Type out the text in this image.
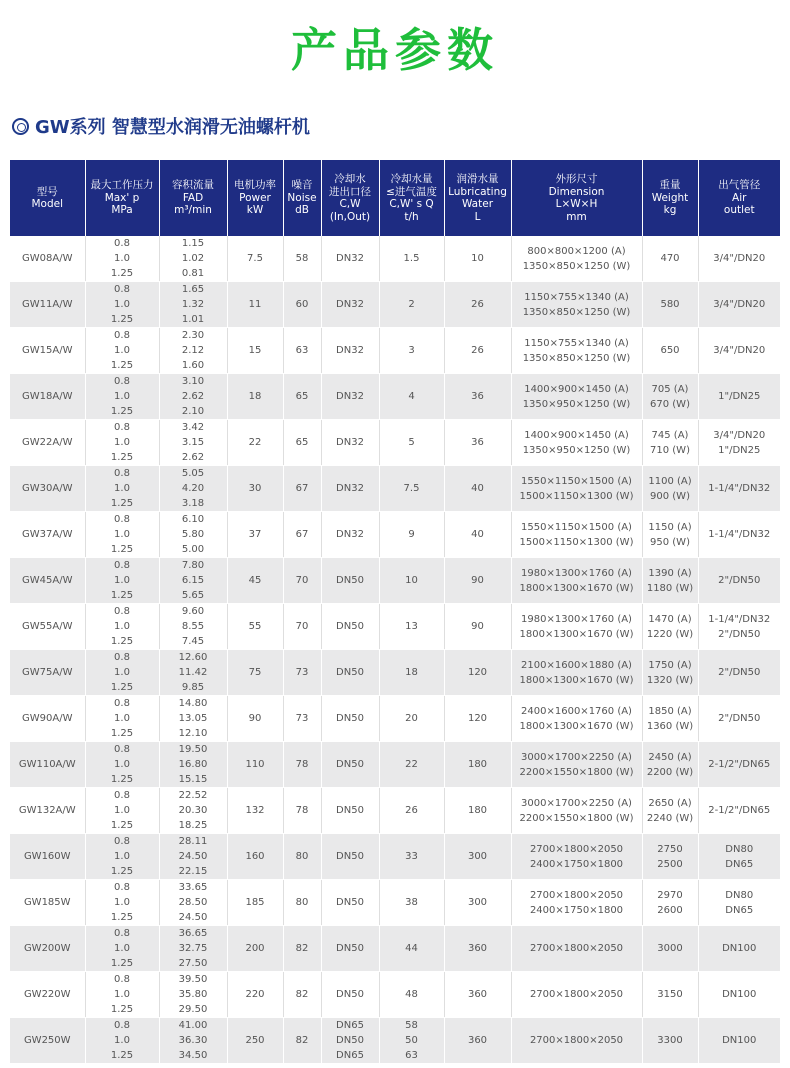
产品参数
GW系列 智慧型水润滑无油螺杆机
型号
Model	最大工作压力
Max' p
MPa	容积流量
FAD
m³/min	电机功率
Power
kW	噪音
Noise
dB	冷却水
进出口径
C,W
(In,Out)	冷却水量
≤进气温度
C,W' s Q
t/h	润滑水量
Lubricating
Water
L	外形尺寸
Dimension
L×W×H
mm	重量
Weight
kg	出气管径
Air
outlet
GW08A/W	0.8
1.0
1.25	1.15
1.02
0.81	7.5	58	DN32	1.5	10	800×800×1200 (A)
1350×850×1250 (W)	470	3/4"/DN20
GW11A/W	0.8
1.0
1.25	1.65
1.32
1.01	11	60	DN32	2	26	1150×755×1340 (A)
1350×850×1250 (W)	580	3/4"/DN20
GW15A/W	0.8
1.0
1.25	2.30
2.12
1.60	15	63	DN32	3	26	1150×755×1340 (A)
1350×850×1250 (W)	650	3/4"/DN20
GW18A/W	0.8
1.0
1.25	3.10
2.62
2.10	18	65	DN32	4	36	1400×900×1450 (A)
1350×950×1250 (W)	705 (A)
670 (W)	1"/DN25
GW22A/W	0.8
1.0
1.25	3.42
3.15
2.62	22	65	DN32	5	36	1400×900×1450 (A)
1350×950×1250 (W)	745 (A)
710 (W)	3/4"/DN20
1"/DN25
GW30A/W	0.8
1.0
1.25	5.05
4.20
3.18	30	67	DN32	7.5	40	1550×1150×1500 (A)
1500×1150×1300 (W)	1100 (A)
900 (W)	1-1/4"/DN32
GW37A/W	0.8
1.0
1.25	6.10
5.80
5.00	37	67	DN32	9	40	1550×1150×1500 (A)
1500×1150×1300 (W)	1150 (A)
950 (W)	1-1/4"/DN32
GW45A/W	0.8
1.0
1.25	7.80
6.15
5.65	45	70	DN50	10	90	1980×1300×1760 (A)
1800×1300×1670 (W)	1390 (A)
1180 (W)	2"/DN50
GW55A/W	0.8
1.0
1.25	9.60
8.55
7.45	55	70	DN50	13	90	1980×1300×1760 (A)
1800×1300×1670 (W)	1470 (A)
1220 (W)	1-1/4"/DN32
2"/DN50
GW75A/W	0.8
1.0
1.25	12.60
11.42
9.85	75	73	DN50	18	120	2100×1600×1880 (A)
1800×1300×1670 (W)	1750 (A)
1320 (W)	2"/DN50
GW90A/W	0.8
1.0
1.25	14.80
13.05
12.10	90	73	DN50	20	120	2400×1600×1760 (A)
1800×1300×1670 (W)	1850 (A)
1360 (W)	2"/DN50
GW110A/W	0.8
1.0
1.25	19.50
16.80
15.15	110	78	DN50	22	180	3000×1700×2250 (A)
2200×1550×1800 (W)	2450 (A)
2200 (W)	2-1/2"/DN65
GW132A/W	0.8
1.0
1.25	22.52
20.30
18.25	132	78	DN50	26	180	3000×1700×2250 (A)
2200×1550×1800 (W)	2650 (A)
2240 (W)	2-1/2"/DN65
GW160W	0.8
1.0
1.25	28.11
24.50
22.15	160	80	DN50	33	300	2700×1800×2050
2400×1750×1800	2750
2500	DN80
DN65
GW185W	0.8
1.0
1.25	33.65
28.50
24.50	185	80	DN50	38	300	2700×1800×2050
2400×1750×1800	2970
2600	DN80
DN65
GW200W	0.8
1.0
1.25	36.65
32.75
27.50	200	82	DN50	44	360	2700×1800×2050	3000	DN100
GW220W	0.8
1.0
1.25	39.50
35.80
29.50	220	82	DN50	48	360	2700×1800×2050	3150	DN100
GW250W	0.8
1.0
1.25	41.00
36.30
34.50	250	82	DN65
DN50
DN65	58
50
63	360	2700×1800×2050	3300	DN100
